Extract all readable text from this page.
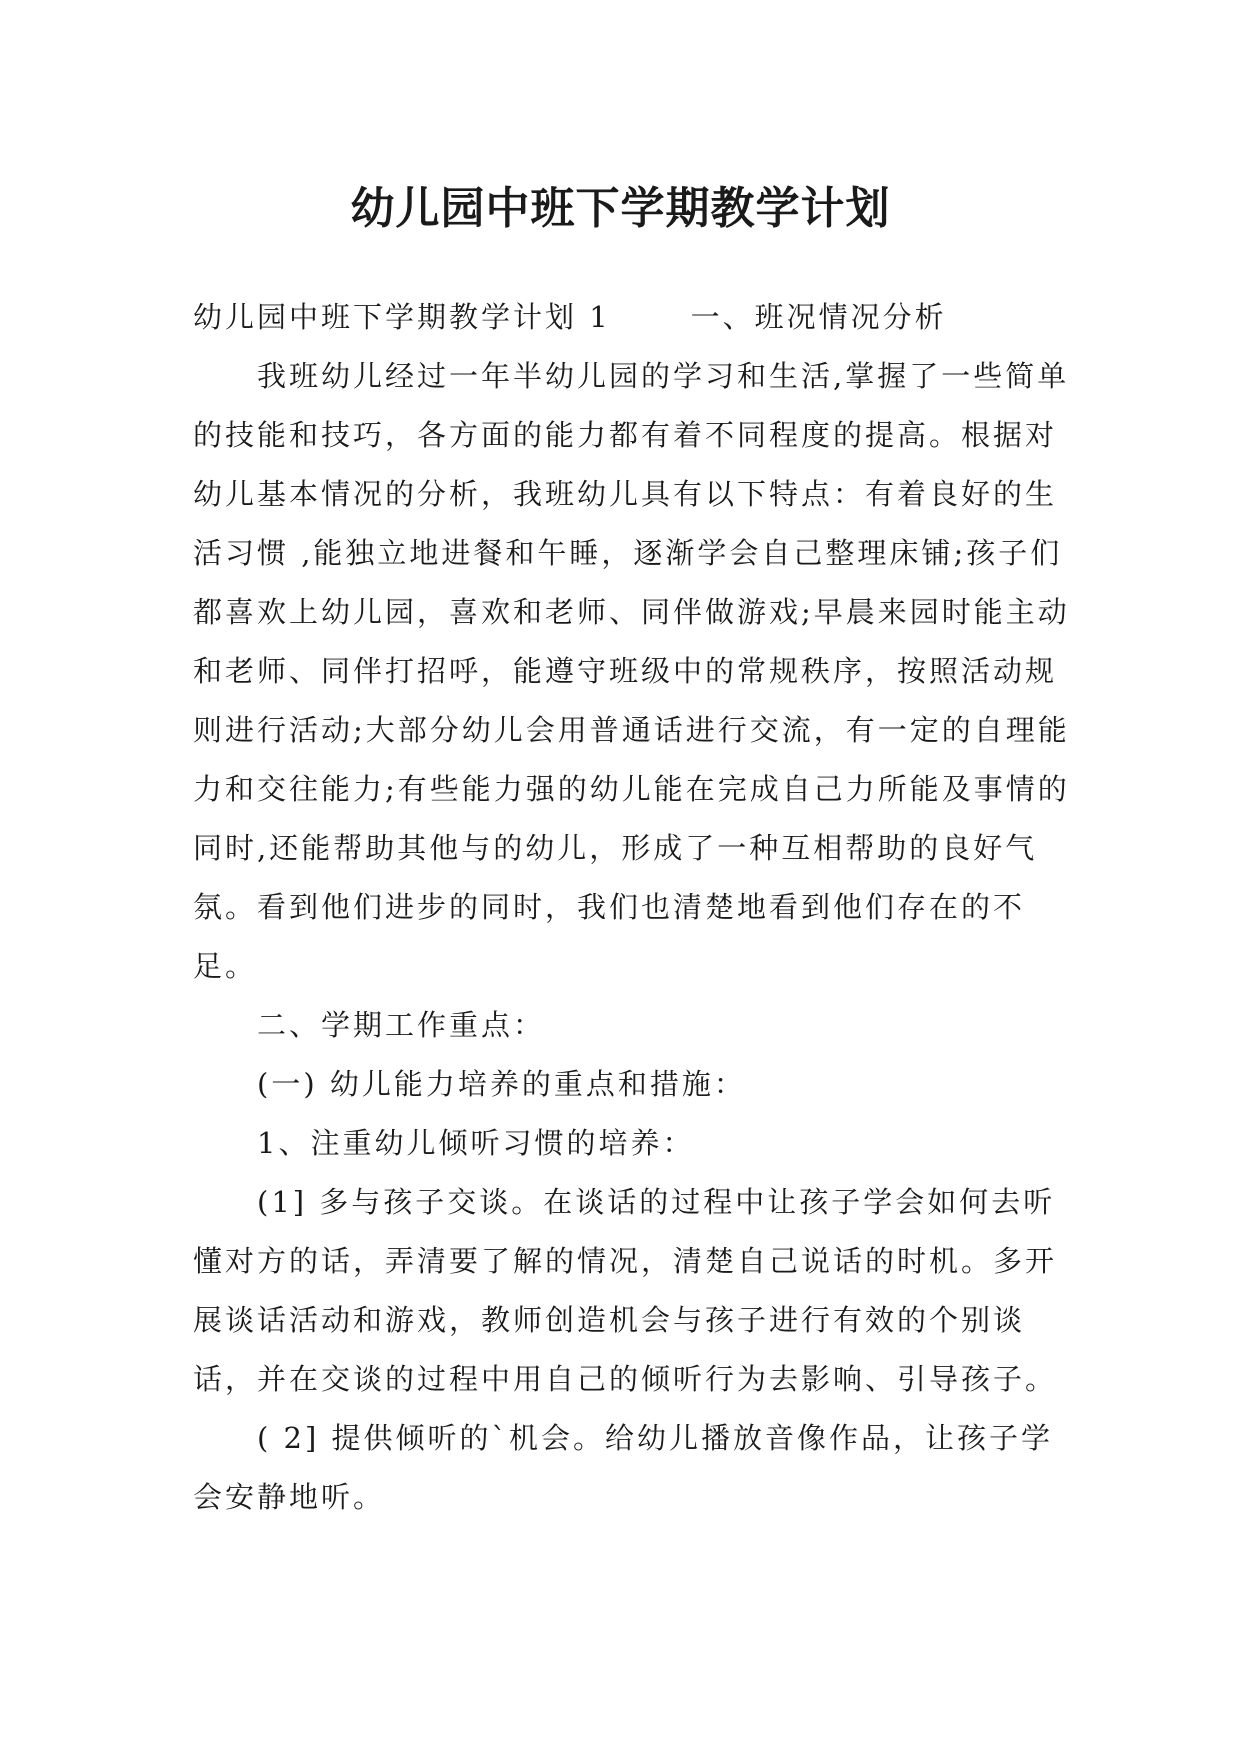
幼儿园中班下学期教学计划

幼儿园中班下学期教学计划 1	一、班况情况分析

我班幼儿经过一年半幼儿园的学习和生活,掌握了一些简单的技能和技巧，各方面的能力都有着不同程度的提高。根据对幼儿基本情况的分析，我班幼儿具有以下特点：有着良好的生活习惯 ,能独立地进餐和午睡，逐渐学会自己整理床铺;孩子们都喜欢上幼儿园，喜欢和老师、同伴做游戏;早晨来园时能主动和老师、同伴打招呼，能遵守班级中的常规秩序，按照活动规则进行活动;大部分幼儿会用普通话进行交流，有一定的自理能力和交往能力;有些能力强的幼儿能在完成自己力所能及事情的同时,还能帮助其他与的幼儿，形成了一种互相帮助的良好气氛。看到他们进步的同时，我们也清楚地看到他们存在的不足。

二、学期工作重点：

(一) 幼儿能力培养的重点和措施：

1、注重幼儿倾听习惯的培养：

(1] 多与孩子交谈。在谈话的过程中让孩子学会如何去听懂对方的话，弄清要了解的情况，清楚自己说话的时机。多开展谈话活动和游戏，教师创造机会与孩子进行有效的个别谈话，并在交谈的过程中用自己的倾听行为去影响、引导孩子。

( 2] 提供倾听的`机会。给幼儿播放音像作品，让孩子学会安静地听。
